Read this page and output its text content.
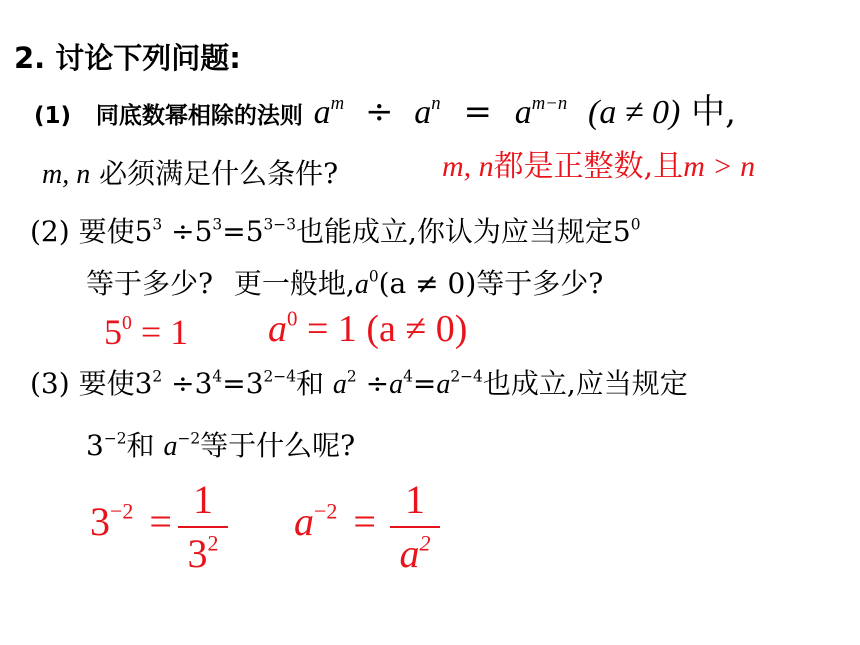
2. 讨论下列问题:
(1) 同底数幂相除的法则 $a^m \div a^n = a^{m-n}$ (a ≠ 0) 中,
m, n 必须满足什么条件?	m, n都是正整数,且m > n
(2) 要使$5^3 \div 5^3=5^{3-3}$也能成立,你认为应当规定$5^0$
等于多少? 更一般地$,a^0(a \ne 0)$等于多少?
$5^0 = 1$ $a^0 = 1$ (a ≠ 0)
(3) 要使$3^2 \div 3^4=3^{2-4}$和 $a^2 \div a^4=a^{2-4}$也成立,应当规定
$3^{-2}$和 $a^{-2}$等于什么呢?
$3^{-2} = 1$
$3^2$ $a^{-2} = 1$
$a^2$
